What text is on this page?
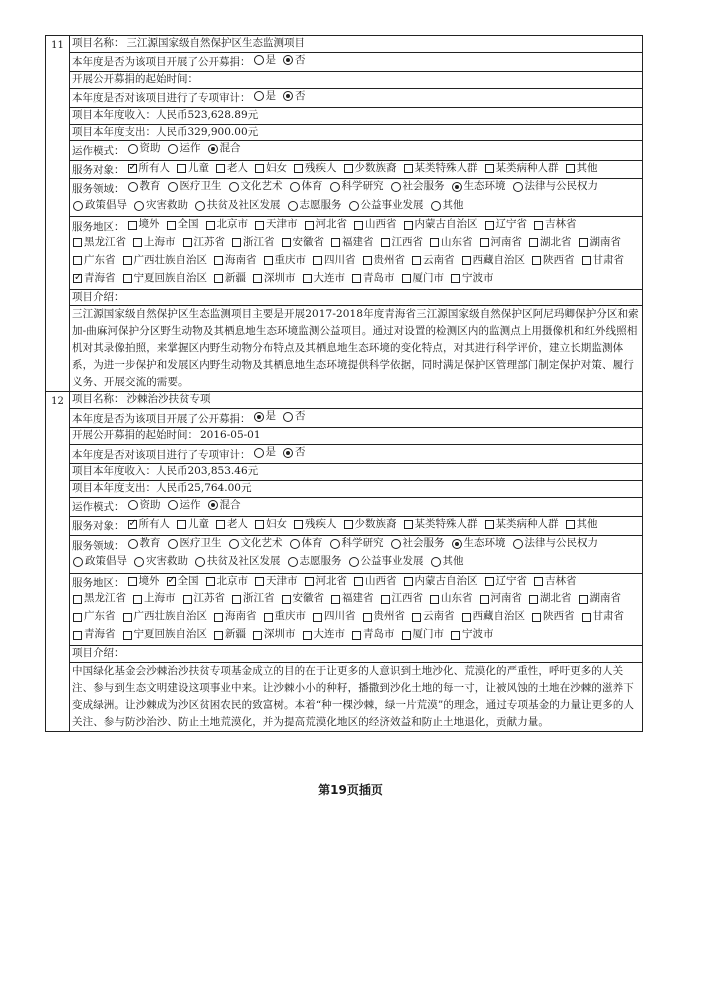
11 项目名称： 三江源国家级自然保护区生态监测项目
本年度是否为该项目开展了公开募捐： 是 否
开展公开募捐的起始时间：
本年度是否对该项目进行了专项审计： 是 否
项目本年度收入：人民币523,628.89元
项目本年度支出：人民币329,900.00元
运作模式： 资助 运作 混合
服务对象： ✓ 所有人 儿童 老人 妇女 残疾人 少数族裔 某类特殊人群 某类病种人群 其他
服务领域： 教育 医疗卫生 文化艺术 体育 科学研究 社会服务 生态环境 法律与公民权力
政策倡导 灾害救助 扶贫及社区发展 志愿服务 公益事业发展 其他
服务地区： 境外 全国 北京市 天津市 河北省 山西省 内蒙古自治区 辽宁省 吉林省
黑龙江省 上海市 江苏省 浙江省 安徽省 福建省 江西省 山东省 河南省 湖北省 湖南省
广东省 广西壮族自治区 海南省 重庆市 四川省 贵州省 云南省 西藏自治区 陕西省 甘肃省
✓
青海省 宁夏回族自治区 新疆 深圳市 大连市 青岛市 厦门市 宁波市
项目介绍：
三江源国家级自然保护区生态监测项目主要是开展2017-2018年度青海省三江源国家级自然保护区阿尼玛卿保护分区和索加-曲麻河保护分区野生动物及其栖息地生态环境监测公益项目。通过对设置的检测区内的监测点上用摄像机和红外线照相机对其录像拍照，来掌握区内野生动物分布特点及其栖息地生态环境的变化特点，对其进行科学评价，建立长期监测体系，为进一步保护和发展区内野生动物及其栖息地生态环境提供科学依据，同时满足保护区管理部门制定保护对策、履行义务、开展交流的需要。
12 项目名称： 沙棘治沙扶贫专项
本年度是否为该项目开展了公开募捐： 是 否
开展公开募捐的起始时间： 2016-05-01
本年度是否对该项目进行了专项审计： 是 否
项目本年度收入：人民币203,853.46元
项目本年度支出：人民币25,764.00元
运作模式： 资助 运作 混合
服务对象： ✓ 所有人 儿童 老人 妇女 残疾人 少数族裔 某类特殊人群 某类病种人群 其他
服务领域： 教育 医疗卫生 文化艺术 体育 科学研究 社会服务 生态环境 法律与公民权力
政策倡导 灾害救助 扶贫及社区发展 志愿服务 公益事业发展 其他
服务地区： 境外 ✓ 全国 北京市 天津市 河北省 山西省 内蒙古自治区 辽宁省 吉林省
黑龙江省 上海市 江苏省 浙江省 安徽省 福建省 江西省 山东省 河南省 湖北省 湖南省
广东省 广西壮族自治区 海南省 重庆市 四川省 贵州省 云南省 西藏自治区 陕西省 甘肃省
青海省 宁夏回族自治区 新疆 深圳市 大连市 青岛市 厦门市 宁波市
项目介绍：
中国绿化基金会沙棘治沙扶贫专项基金成立的目的在于让更多的人意识到土地沙化、荒漠化的严重性，呼吁更多的人关注、参与到生态文明建设这项事业中来。让沙棘小小的种籽，播撒到沙化土地的每一寸，让被风蚀的土地在沙棘的滋养下变成绿洲。让沙棘成为沙区贫困农民的致富树。本着“种一棵沙棘，绿一片荒漠”的理念，通过专项基金的力量让更多的人关注、参与防沙治沙、防止土地荒漠化，并为提高荒漠化地区的经济效益和防止土地退化，贡献力量。
第19页插页
